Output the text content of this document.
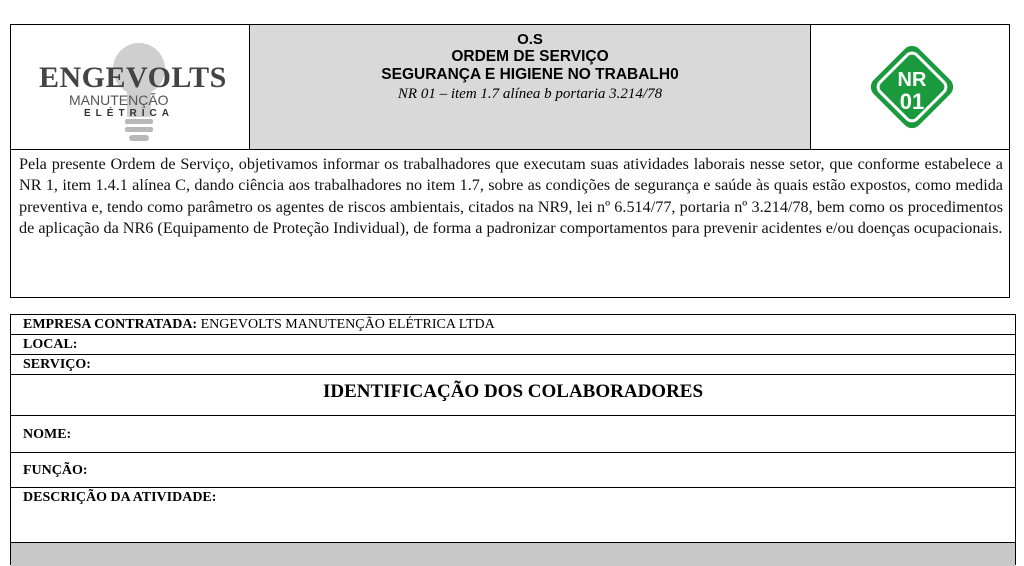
ENGEVOLTS
MANUTENÇÃO
ELÉTRICA
O.S
ORDEM DE SERVIÇO
SEGURANÇA E HIGIENE NO TRABALH0
NR 01 – item 1.7 alínea b portaria 3.214/78
NR
01
Pela presente Ordem de Serviço, objetivamos informar os trabalhadores que executam suas atividades laborais nesse setor, que conforme estabelece a NR 1, item 1.4.1 alínea C, dando ciência aos trabalhadores no item 1.7, sobre as condições de segurança e saúde às quais estão expostos, como medida preventiva e, tendo como parâmetro os agentes de riscos ambientais, citados na NR9, lei nº 6.514/77, portaria nº 3.214/78, bem como os procedimentos de aplicação da NR6 (Equipamento de Proteção Individual), de forma a padronizar comportamentos para prevenir acidentes e/ou doenças ocupacionais.
EMPRESA CONTRATADA: ENGEVOLTS MANUTENÇÃO ELÉTRICA LTDA
LOCAL:
SERVIÇO:
IDENTIFICAÇÃO DOS COLABORADORES
NOME:
FUNÇÃO:
DESCRIÇÃO DA ATIVIDADE:
